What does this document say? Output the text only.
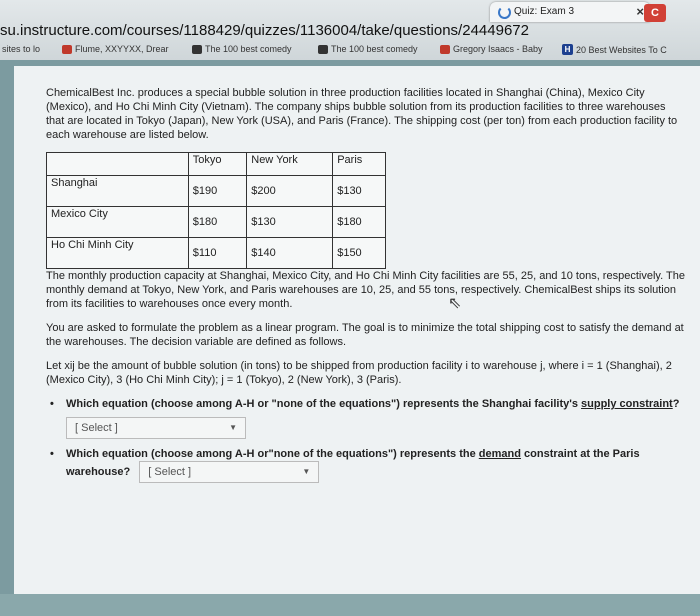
Quiz: Exam 3	× C
su.instructure.com/courses/1188429/quizzes/1136004/take/questions/24449672
sites to lo	Flume, XXYYXX, Drear	The 100 best comedy	The 100 best comedy	Gregory Isaacs - Baby	H 20 Best Websites To C

ChemicalBest Inc. produces a special bubble solution in three production facilities located in Shanghai (China), Mexico City (Mexico), and Ho Chi Minh City (Vietnam). The company ships bubble solution from its production facilities to three warehouses that are located in Tokyo (Japan), New York (USA), and Paris (France). The shipping cost (per ton) from each production facility to each warehouse are listed below.

	Tokyo	New York	Paris
Shanghai	$190	$200	$130
Mexico City	$180	$130	$180
Ho Chi Minh City	$110	$140	$150

The monthly production capacity at Shanghai, Mexico City, and Ho Chi Minh City facilities are 55, 25, and 10 tons, respectively. The monthly demand at Tokyo, New York, and Paris warehouses are 10, 25, and 55 tons, respectively. ChemicalBest ships its solution from its facilities to warehouses once every month.

You are asked to formulate the problem as a linear program. The goal is to minimize the total shipping cost to satisfy the demand at the warehouses. The decision variable are defined as follows.

Let xij be the amount of bubble solution (in tons) to be shipped from production facility i to warehouse j, where i = 1 (Shanghai), 2 (Mexico City), 3 (Ho Chi Minh City); j = 1 (Tokyo), 2 (New York), 3 (Paris).

• Which equation (choose among A-H or "none of the equations") represents the Shanghai facility's supply constraint?
[ Select ]	▼
• Which equation (choose among A-H or"none of the equations") represents the demand constraint at the Paris warehouse? [ Select ]	▼
⇖
